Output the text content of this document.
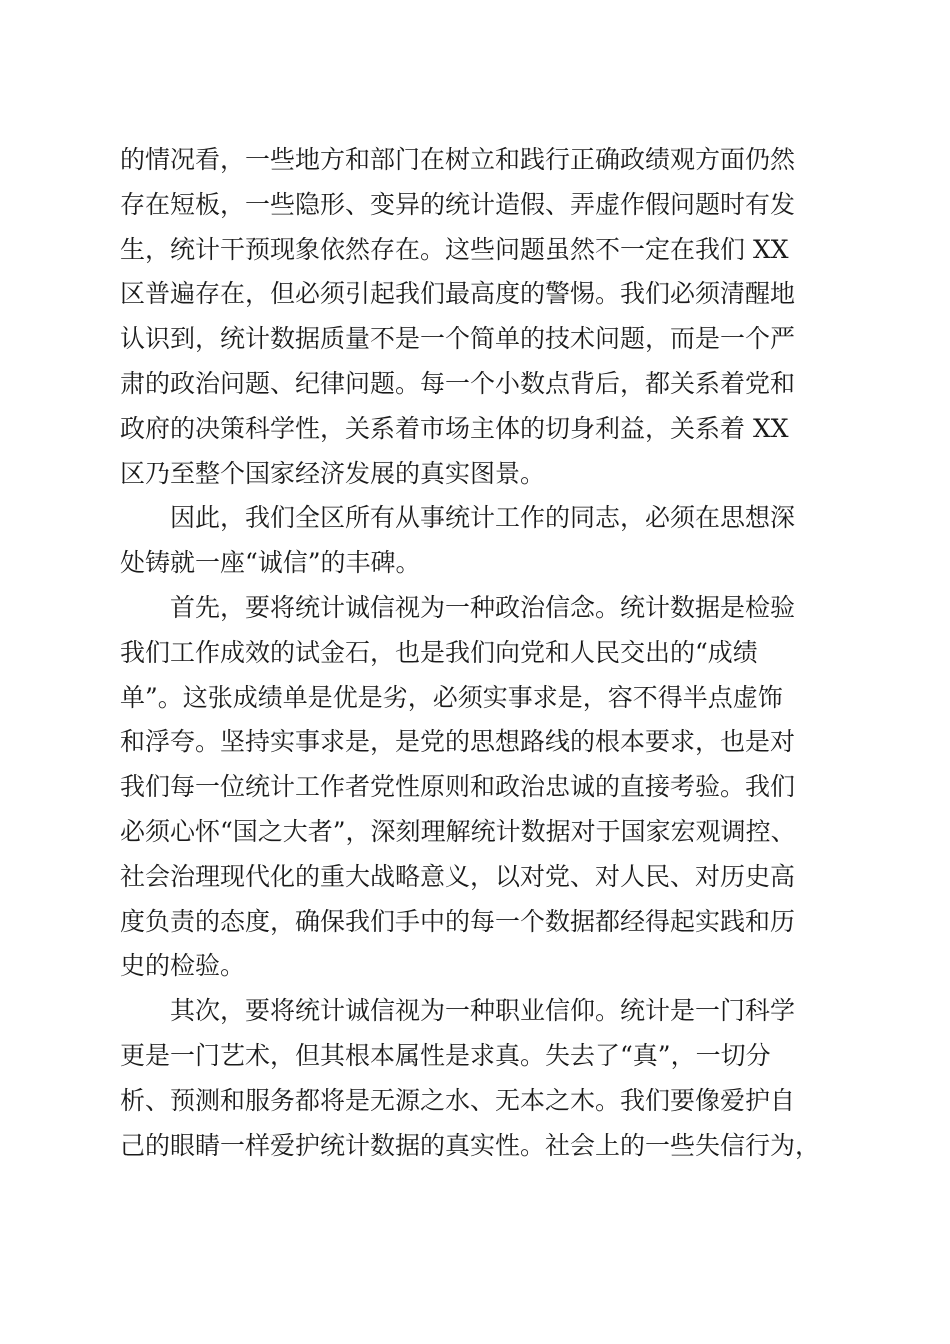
的情况看，一些地方和部门在树立和践行正确政绩观方面仍然
存在短板，一些隐形、变异的统计造假、弄虚作假问题时有发
生，统计干预现象依然存在。这些问题虽然不一定在我们 XX
区普遍存在，但必须引起我们最高度的警惕。我们必须清醒地
认识到，统计数据质量不是一个简单的技术问题，而是一个严
肃的政治问题、纪律问题。每一个小数点背后，都关系着党和
政府的决策科学性，关系着市场主体的切身利益，关系着 XX
区乃至整个国家经济发展的真实图景。
因此，我们全区所有从事统计工作的同志，必须在思想深
处铸就一座“诚信”的丰碑。
首先，要将统计诚信视为一种政治信念。统计数据是检验
我们工作成效的试金石，也是我们向党和人民交出的“成绩
单”。这张成绩单是优是劣，必须实事求是，容不得半点虚饰
和浮夸。坚持实事求是，是党的思想路线的根本要求，也是对
我们每一位统计工作者党性原则和政治忠诚的直接考验。我们
必须心怀“国之大者”，深刻理解统计数据对于国家宏观调控、
社会治理现代化的重大战略意义，以对党、对人民、对历史高
度负责的态度，确保我们手中的每一个数据都经得起实践和历
史的检验。
其次，要将统计诚信视为一种职业信仰。统计是一门科学
更是一门艺术，但其根本属性是求真。失去了“真”，一切分
析、预测和服务都将是无源之水、无本之木。我们要像爱护自
己的眼睛一样爱护统计数据的真实性。社会上的一些失信行为，
